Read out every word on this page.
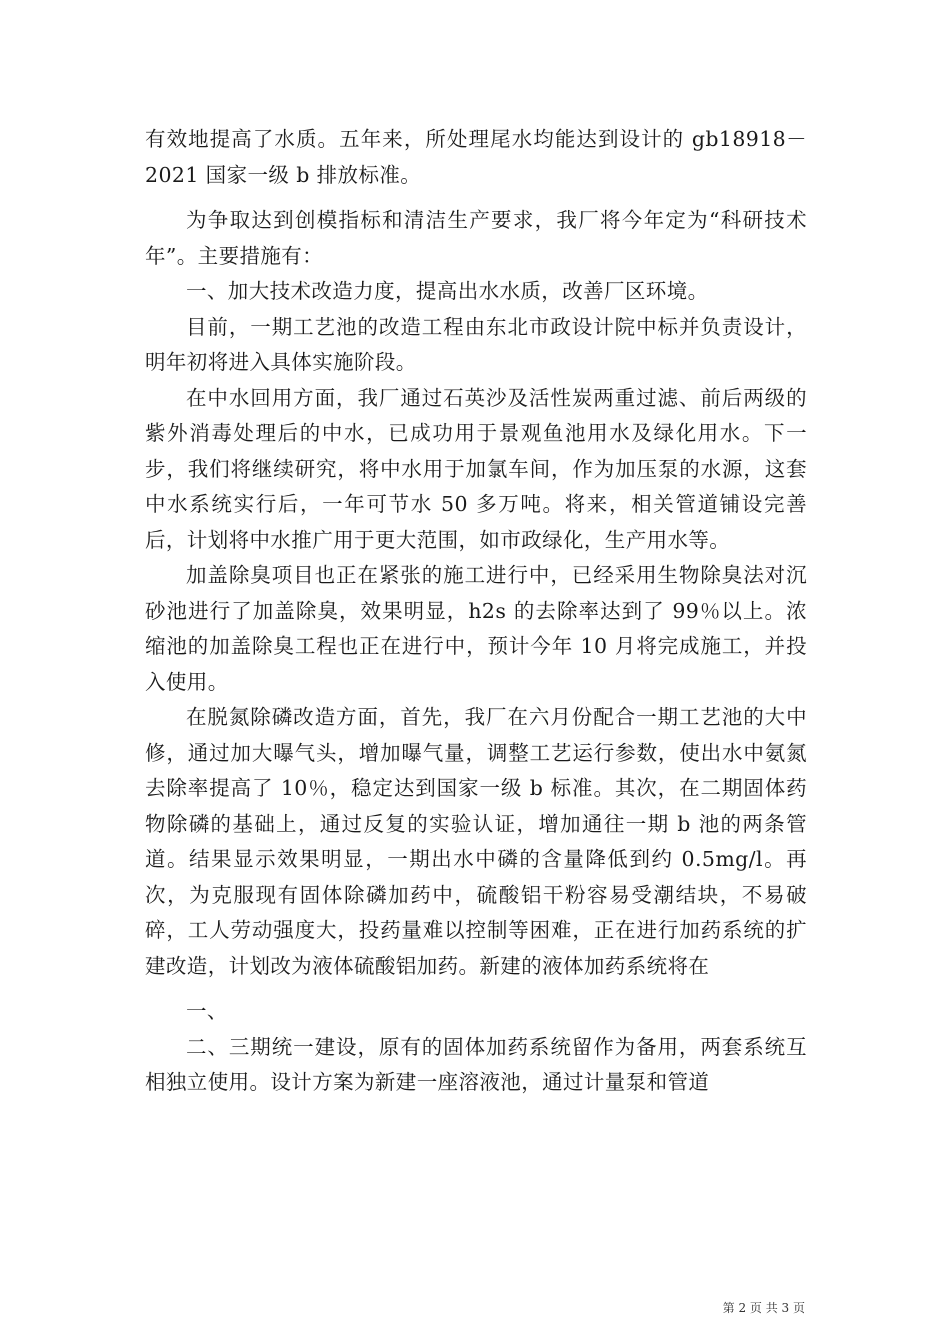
有效地提高了水质。五年来，所处理尾水均能达到设计的 gb18918－2021 国家一级 b 排放标准。

为争取达到创模指标和清洁生产要求，我厂将今年定为“科研技术年”。主要措施有：

一、加大技术改造力度，提高出水水质，改善厂区环境。

目前，一期工艺池的改造工程由东北市政设计院中标并负责设计，明年初将进入具体实施阶段。

在中水回用方面，我厂通过石英沙及活性炭两重过滤、前后两级的紫外消毒处理后的中水，已成功用于景观鱼池用水及绿化用水。下一步，我们将继续研究，将中水用于加氯车间，作为加压泵的水源，这套中水系统实行后，一年可节水 50 多万吨。将来，相关管道铺设完善后，计划将中水推广用于更大范围，如市政绿化，生产用水等。

加盖除臭项目也正在紧张的施工进行中，已经采用生物除臭法对沉砂池进行了加盖除臭，效果明显，h2s 的去除率达到了 99％以上。浓缩池的加盖除臭工程也正在进行中，预计今年 10 月将完成施工，并投入使用。

在脱氮除磷改造方面，首先，我厂在六月份配合一期工艺池的大中修，通过加大曝气头，增加曝气量，调整工艺运行参数，使出水中氨氮去除率提高了 10％，稳定达到国家一级 b 标准。其次，在二期固体药物除磷的基础上，通过反复的实验认证，增加通往一期 b 池的两条管道。结果显示效果明显，一期出水中磷的含量降低到约 0.5mg/l。再次，为克服现有固体除磷加药中，硫酸铝干粉容易受潮结块，不易破碎，工人劳动强度大，投药量难以控制等困难，正在进行加药系统的扩建改造，计划改为液体硫酸铝加药。新建的液体加药系统将在

一、

二、三期统一建设，原有的固体加药系统留作为备用，两套系统互相独立使用。设计方案为新建一座溶液池，通过计量泵和管道

第 2 页 共 3 页
